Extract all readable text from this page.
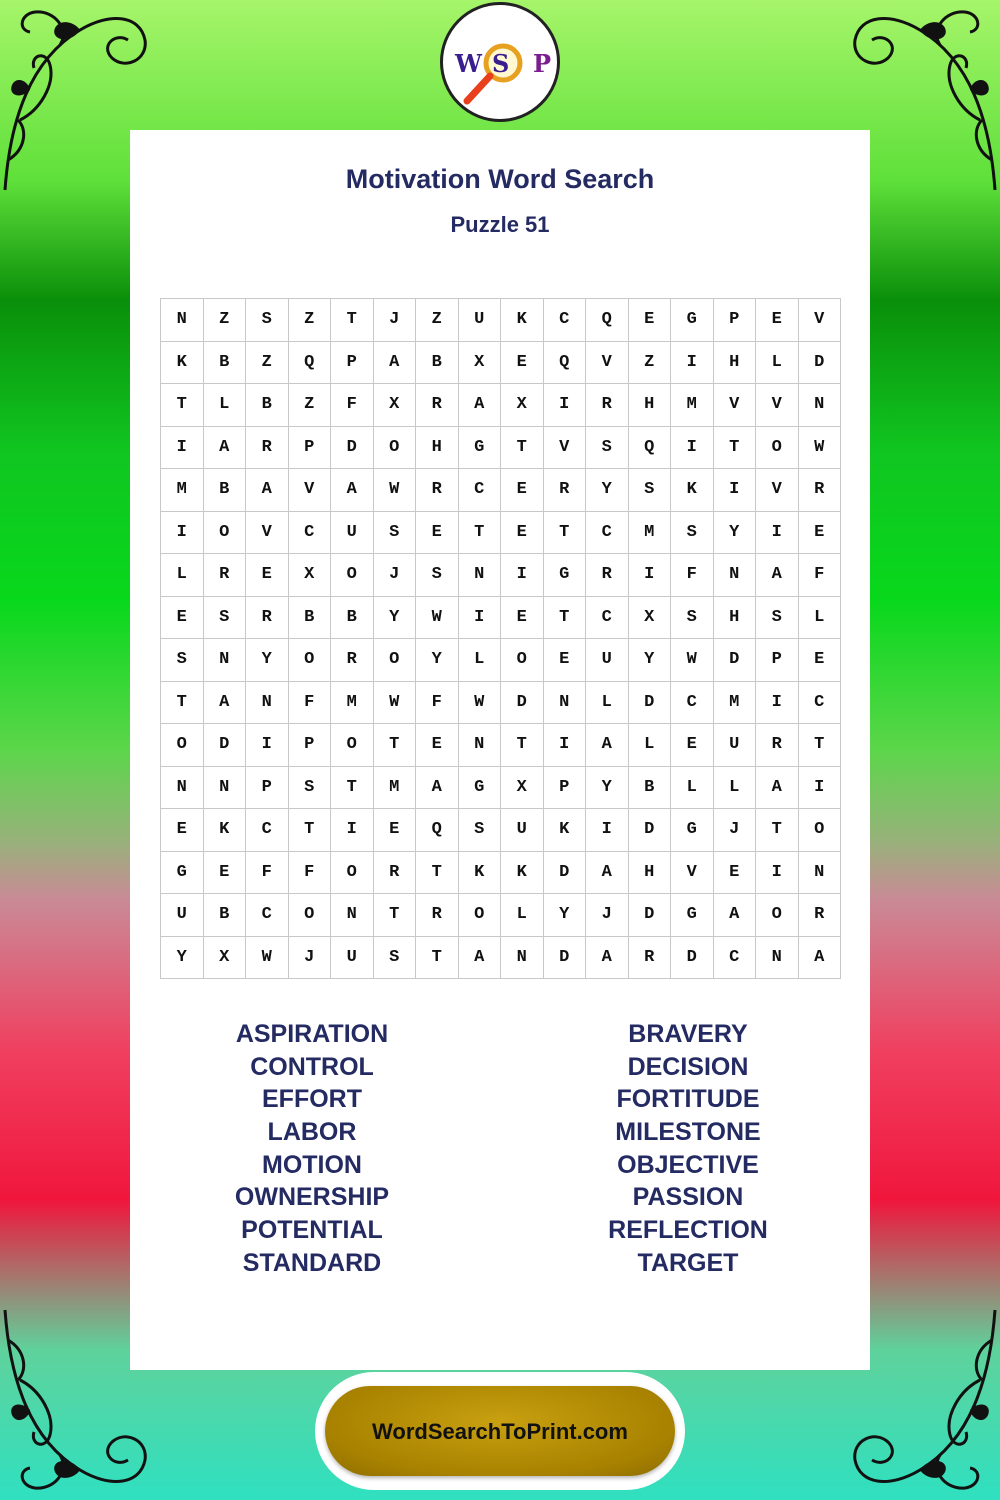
W S P
Motivation Word Search
Puzzle 51
N	Z	S	Z	T	J	Z	U	K	C	Q	E	G	P	E	V
K	B	Z	Q	P	A	B	X	E	Q	V	Z	I	H	L	D
T	L	B	Z	F	X	R	A	X	I	R	H	M	V	V	N
I	A	R	P	D	O	H	G	T	V	S	Q	I	T	O	W
M	B	A	V	A	W	R	C	E	R	Y	S	K	I	V	R
I	O	V	C	U	S	E	T	E	T	C	M	S	Y	I	E
L	R	E	X	O	J	S	N	I	G	R	I	F	N	A	F
E	S	R	B	B	Y	W	I	E	T	C	X	S	H	S	L
S	N	Y	O	R	O	Y	L	O	E	U	Y	W	D	P	E
T	A	N	F	M	W	F	W	D	N	L	D	C	M	I	C
O	D	I	P	O	T	E	N	T	I	A	L	E	U	R	T
N	N	P	S	T	M	A	G	X	P	Y	B	L	L	A	I
E	K	C	T	I	E	Q	S	U	K	I	D	G	J	T	O
G	E	F	F	O	R	T	K	K	D	A	H	V	E	I	N
U	B	C	O	N	T	R	O	L	Y	J	D	G	A	O	R
Y	X	W	J	U	S	T	A	N	D	A	R	D	C	N	A
ASPIRATION
CONTROL
EFFORT
LABOR
MOTION
OWNERSHIP
POTENTIAL
STANDARD
BRAVERY
DECISION
FORTITUDE
MILESTONE
OBJECTIVE
PASSION
REFLECTION
TARGET
WordSearchToPrint.com
